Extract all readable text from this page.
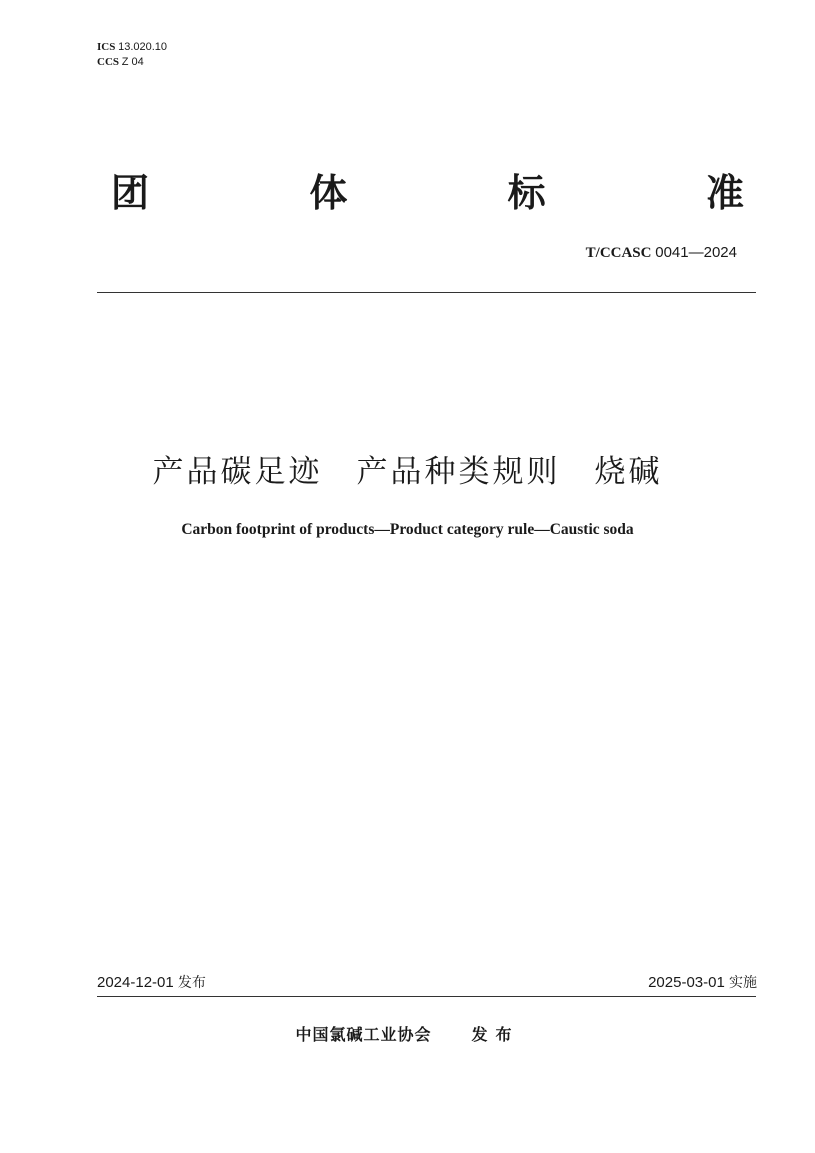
ICS 13.020.10
CCS Z 04
团	体	标	准
T/CCASC 0041—2024
产品碳足迹　产品种类规则　烧碱
Carbon footprint of products—Product category rule—Caustic soda
2024-12-01 发布	2025-03-01 实施
中国氯碱工业协会	发布
